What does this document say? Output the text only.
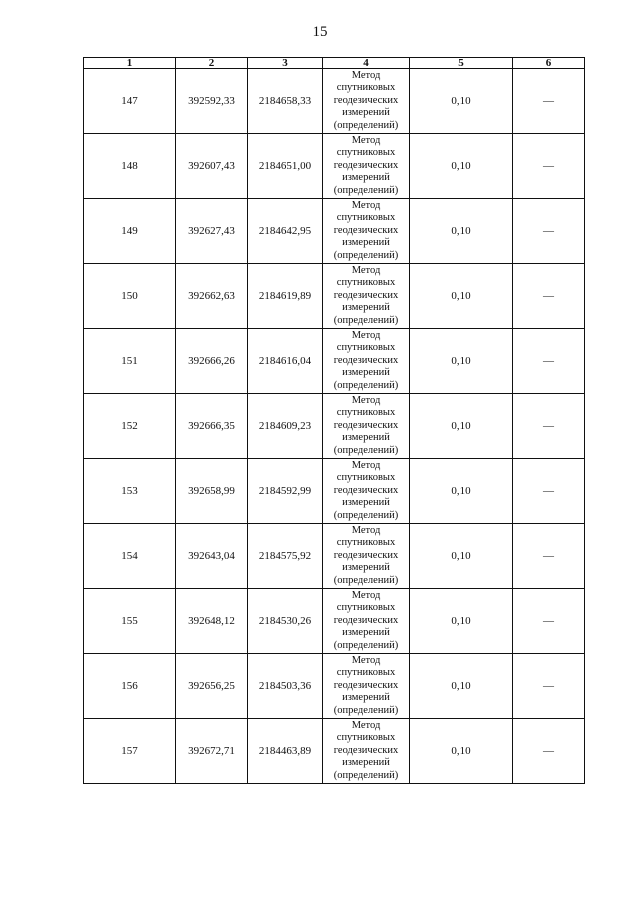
15
1	2	3	4	5	6
147	392592,33	2184658,33	Метод
спутниковых
геодезических
измерений
(определений)	0,10	—
148	392607,43	2184651,00	Метод
спутниковых
геодезических
измерений
(определений)	0,10	—
149	392627,43	2184642,95	Метод
спутниковых
геодезических
измерений
(определений)	0,10	—
150	392662,63	2184619,89	Метод
спутниковых
геодезических
измерений
(определений)	0,10	—
151	392666,26	2184616,04	Метод
спутниковых
геодезических
измерений
(определений)	0,10	—
152	392666,35	2184609,23	Метод
спутниковых
геодезических
измерений
(определений)	0,10	—
153	392658,99	2184592,99	Метод
спутниковых
геодезических
измерений
(определений)	0,10	—
154	392643,04	2184575,92	Метод
спутниковых
геодезических
измерений
(определений)	0,10	—
155	392648,12	2184530,26	Метод
спутниковых
геодезических
измерений
(определений)	0,10	—
156	392656,25	2184503,36	Метод
спутниковых
геодезических
измерений
(определений)	0,10	—
157	392672,71	2184463,89	Метод
спутниковых
геодезических
измерений
(определений)	0,10	—
